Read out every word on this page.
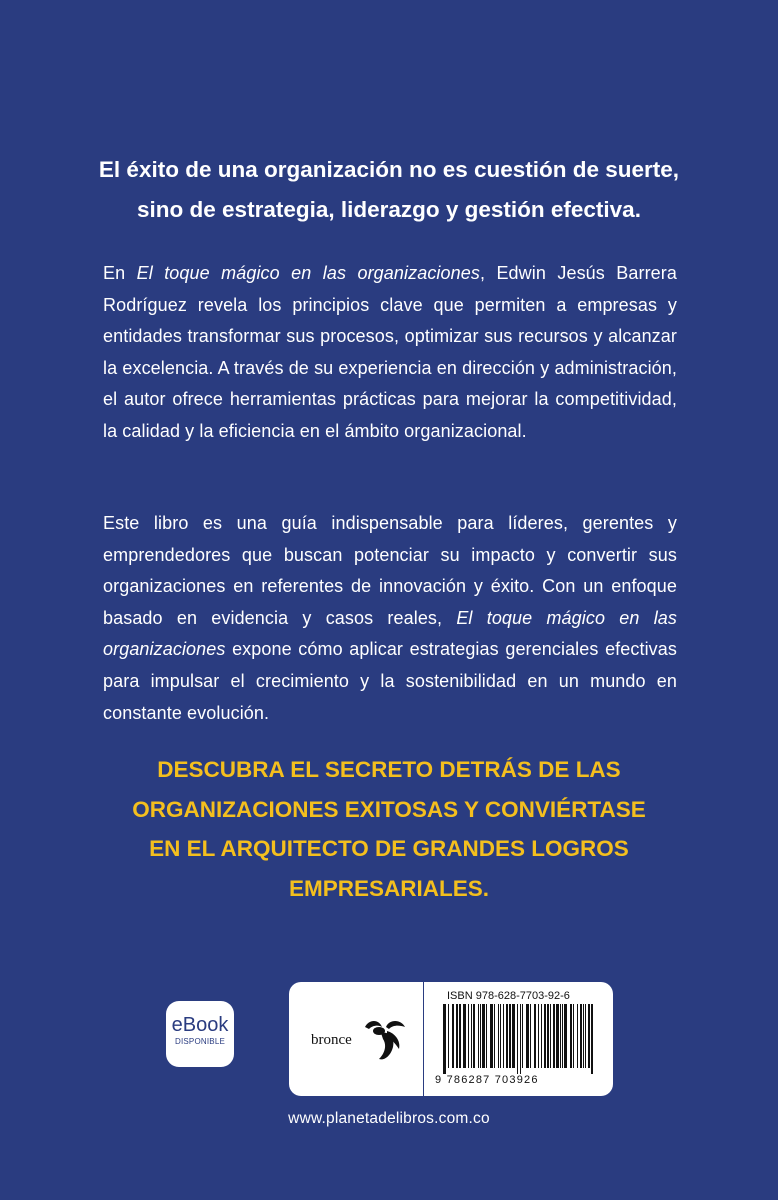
El éxito de una organización no es cuestión de suerte,
sino de estrategia, liderazgo y gestión efectiva.

En El toque mágico en las organizaciones, Edwin Jesús Barrera Rodríguez revela los principios clave que permiten a empresas y entidades transformar sus procesos, optimizar sus recursos y alcanzar la excelencia. A través de su experiencia en dirección y administración, el autor ofrece herramientas prácticas para mejorar la competitividad, la calidad y la eficiencia en el ámbito organizacional.

Este libro es una guía indispensable para líderes, gerentes y emprendedores que buscan potenciar su impacto y convertir sus organizaciones en referentes de innovación y éxito. Con un enfoque basado en evidencia y casos reales, El toque mágico en las organizaciones expone cómo aplicar estrategias gerenciales efectivas para impulsar el crecimiento y la sostenibilidad en un mundo en constante evolución.

DESCUBRA EL SECRETO DETRÁS DE LAS
ORGANIZACIONES EXITOSAS Y CONVIÉRTASE
EN EL ARQUITECTO DE GRANDES LOGROS
EMPRESARIALES.

eBook
DISPONIBLE	bronce
ISBN 978-628-7703-92-6
9 786287 703926
www.planetadelibros.com.co
